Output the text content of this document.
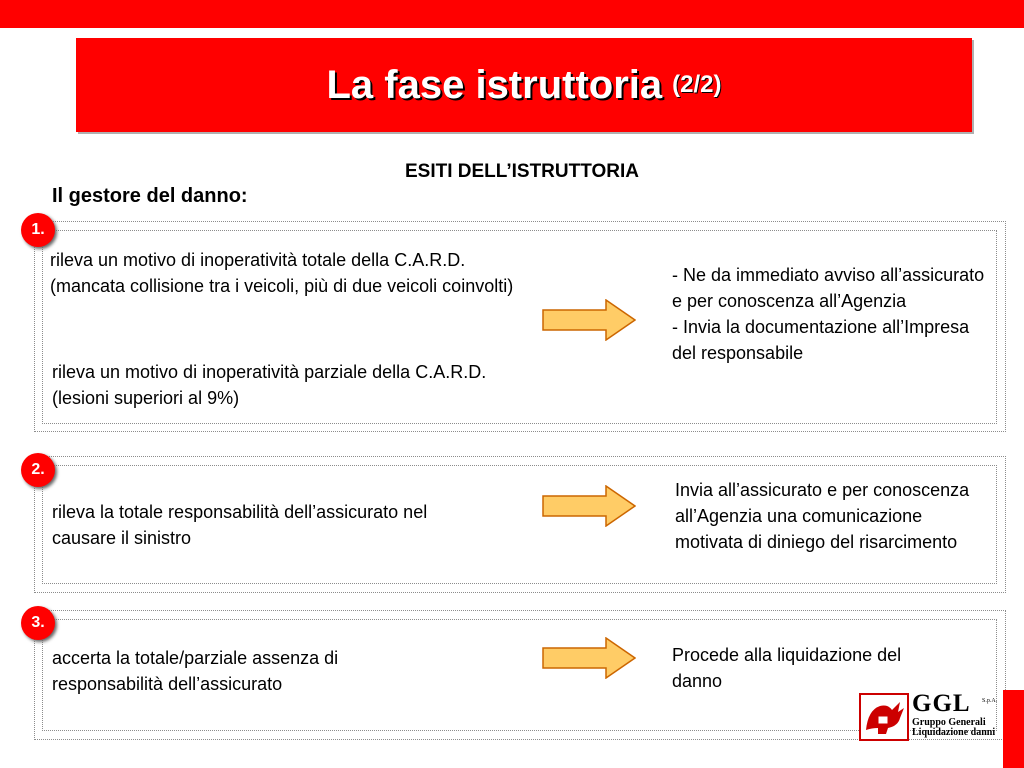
La fase istruttoria (2/2)
ESITI DELL’ISTRUTTORIA
Il gestore del danno:
1.
rileva un motivo di inoperatività totale della C.A.R.D. (mancata collisione tra i veicoli, più di due veicoli coinvolti)
rileva un motivo di inoperatività parziale della C.A.R.D. (lesioni superiori al 9%)
- Ne da immediato avviso all’assicurato e per conoscenza all’Agenzia
- Invia la documentazione all’Impresa del responsabile
2.
rileva la totale responsabilità dell’assicurato nel causare il sinistro
Invia all’assicurato e per conoscenza all’Agenzia una comunicazione motivata di diniego del risarcimento
3.
accerta la totale/parziale assenza di responsabilità dell’assicurato
Procede alla liquidazione del danno
GGL	S.p.A.
Gruppo Generali
Liquidazione danni
